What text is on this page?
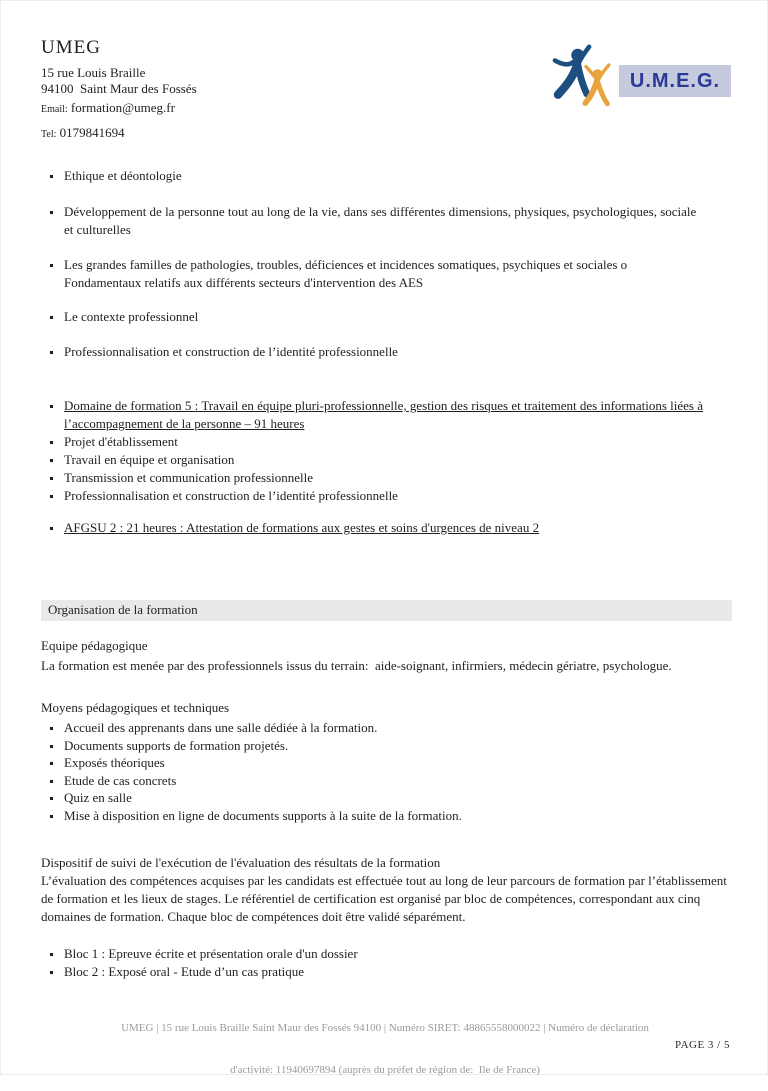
UMEG
15 rue Louis Braille
94100  Saint Maur des Fossés
Email: formation@umeg.fr
Tel: 0179841694
U.M.E.G.
Ethique et déontologie
Développement de la personne tout au long de la vie, dans ses différentes dimensions, physiques, psychologiques, sociale et culturelles
Les grandes familles de pathologies, troubles, déficiences et incidences somatiques, psychiques et sociales o Fondamentaux relatifs aux différents secteurs d'intervention des AES
Le contexte professionnel
Professionnalisation et construction de l’identité professionnelle
Domaine de formation 5 : Travail en équipe pluri-professionnelle, gestion des risques et traitement des informations liées à l’accompagnement de la personne – 91 heures
Projet d'établissement
Travail en équipe et organisation
Transmission et communication professionnelle
Professionnalisation et construction de l’identité professionnelle
AFGSU 2 : 21 heures : Attestation de formations aux gestes et soins d'urgences de niveau 2
Organisation de la formation
Equipe pédagogique
La formation est menée par des professionnels issus du terrain:  aide-soignant, infirmiers, médecin gériatre, psychologue.
Moyens pédagogiques et techniques
Accueil des apprenants dans une salle dédiée à la formation.
Documents supports de formation projetés.
Exposés théoriques
Etude de cas concrets
Quiz en salle
Mise à disposition en ligne de documents supports à la suite de la formation.
Dispositif de suivi de l'exécution de l'évaluation des résultats de la formation
L’évaluation des compétences acquises par les candidats est effectuée tout au long de leur parcours de formation par l’établissement de formation et les lieux de stages. Le référentiel de certification est organisé par bloc de compétences, correspondant aux cinq domaines de formation. Chaque bloc de compétences doit être validé séparément.
Bloc 1 : Epreuve écrite et présentation orale d'un dossier
Bloc 2 : Exposé oral - Etude d’un cas pratique

UMEG | 15 rue Louis Braille Saint Maur des Fossés 94100 | Numéro SIRET: 48865558000022 | Numéro de déclaration

d'activité: 11940697894 (auprès du préfet de région de:  Ile de France)

PAGE 3 / 5
